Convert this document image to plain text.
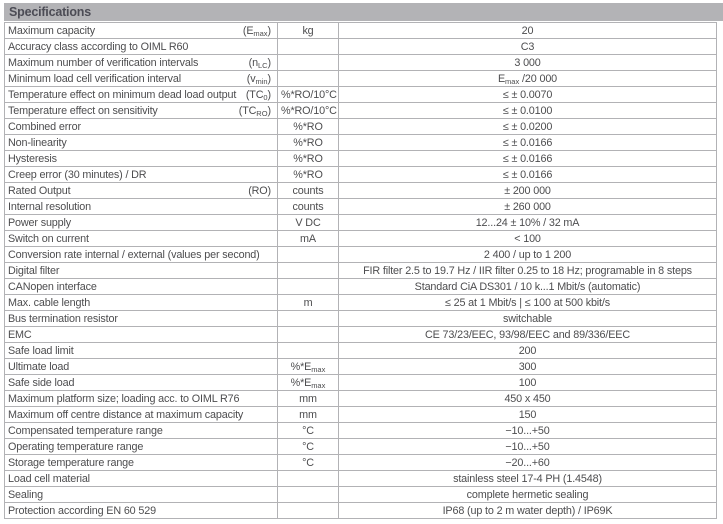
Specifications
Maximum capacity $(E_{max})$	kg	20

Accuracy class according to OIML R60		C3

Maximum number of verification intervals $(n_{LC})$		3 000

Minimum load cell verification interval $(v_{min})$		$E_{max}$ /20 000

Temperature effect on minimum dead load output $(TC_0)$	%*RO/10°C	≤ ± 0.0070

Temperature effect on sensitivity $(TC_{RO})$	%*RO/10°C	≤ ± 0.0100

Combined error	%*RO	≤ ± 0.0200

Non-linearity	%*RO	≤ ± 0.0166

Hysteresis	%*RO	≤ ± 0.0166

Creep error (30 minutes) / DR	%*RO	≤ ± 0.0166

Rated Output (RO)	counts	± 200 000

Internal resolution	counts	± 260 000

Power supply	V DC	12...24 ± 10% / 32 mA

Switch on current	mA	< 100

Conversion rate internal / external (values per second)		2 400 / up to 1 200

Digital filter		FIR filter 2.5 to 19.7 Hz / IIR filter 0.25 to 18 Hz; programable in 8 steps

CANopen interface		Standard CiA DS301 / 10 k...1 Mbit/s (automatic)

Max. cable length	m	≤ 25 at 1 Mbit/s | ≤ 100 at 500 kbit/s

Bus termination resistor		switchable

EMC		CE 73/23/EEC, 93/98/EEC and 89/336/EEC

Safe load limit		200

Ultimate load	$\%*E_{max}$	300

Safe side load	$\%*E_{max}$	100

Maximum platform size; loading acc. to OIML R76	mm	450 x 450

Maximum off centre distance at maximum capacity	mm	150

Compensated temperature range	°C	−10...+50

Operating temperature range	°C	−10...+50

Storage temperature range	°C	−20...+60

Load cell material		stainless steel 17-4 PH (1.4548)

Sealing		complete hermetic sealing

Protection according EN 60 529		IP68 (up to 2 m water depth) / IP69K
